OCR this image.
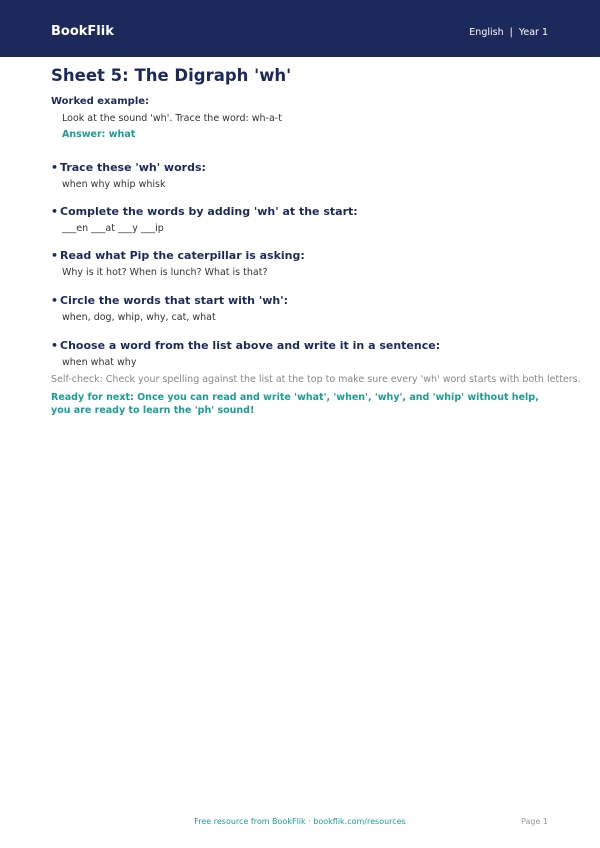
BookFlik	English | Year 1
Sheet 5: The Digraph 'wh'
Worked example:
Look at the sound 'wh'. Trace the word: wh-a-t
Answer: what
• Trace these 'wh' words:
when why whip whisk
• Complete the words by adding 'wh' at the start:
___en ___at ___y ___ip
• Read what Pip the caterpillar is asking:
Why is it hot? When is lunch? What is that?
• Circle the words that start with 'wh':
when, dog, whip, why, cat, what
• Choose a word from the list above and write it in a sentence:
when what why
Self-check: Check your spelling against the list at the top to make sure every 'wh' word starts with both letters.
Ready for next: Once you can read and write 'what', 'when', 'why', and 'whip' without help, you are ready to learn the 'ph' sound!
Free resource from BookFlik · bookflik.com/resources	Page 1
